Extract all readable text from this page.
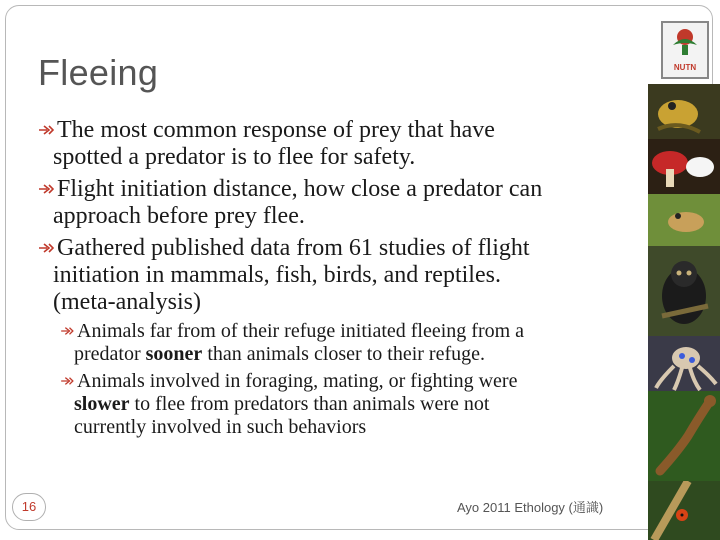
Fleeing	NUTN
The most common response of prey that have
spotted a predator is to flee for safety.
Flight initiation distance, how close a predator can
approach before prey flee.
Gathered published data from 61 studies of flight
initiation in mammals, fish, birds, and reptiles.
(meta-analysis)
Animals far from of their refuge initiated fleeing from a
predator sooner than animals closer to their refuge.
Animals involved in foraging, mating, or fighting were
slower to flee from predators than animals were not
currently involved in such behaviors
16	Ayo 2011 Ethology (通識)
